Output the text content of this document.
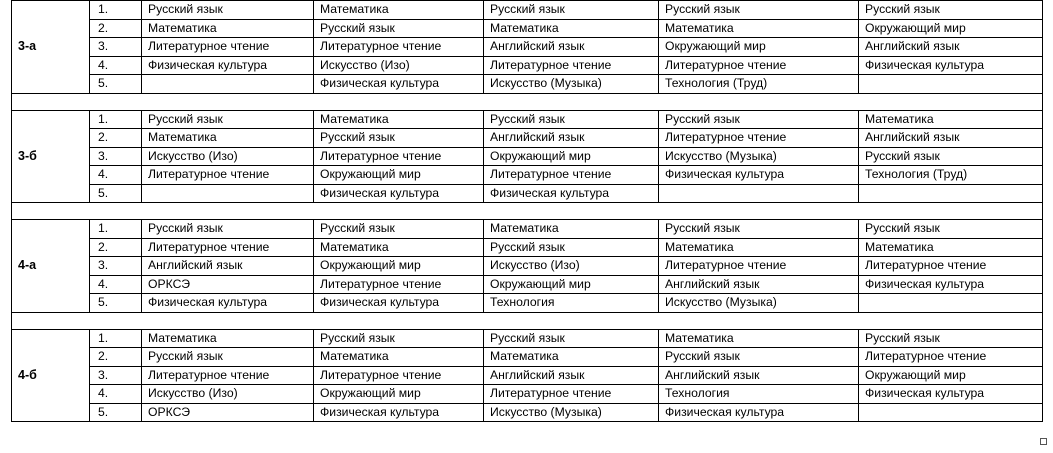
3-а	1.	Русский язык	Математика	Русский язык	Русский язык	Русский язык
	2.	Математика	Русский язык	Математика	Математика	Окружающий мир
	3.	Литературное чтение	Литературное чтение	Английский язык	Окружающий мир	Английский язык
	4.	Физическая культура	Искусство (Изо)	Литературное чтение	Литературное чтение	Физическая культура
	5.		Физическая культура	Искусство (Музыка)	Технология (Труд)	

3-б	1.	Русский язык	Математика	Русский язык	Русский язык	Математика
	2.	Математика	Русский язык	Английский язык	Литературное чтение	Английский язык
	3.	Искусство (Изо)	Литературное чтение	Окружающий мир	Искусство (Музыка)	Русский язык
	4.	Литературное чтение	Окружающий мир	Литературное чтение	Физическая культура	Технология (Труд)
	5.		Физическая культура	Физическая культура		

4-а	1.	Русский язык	Русский язык	Математика	Русский язык	Русский язык
	2.	Литературное чтение	Математика	Русский язык	Математика	Математика
	3.	Английский язык	Окружающий мир	Искусство (Изо)	Литературное чтение	Литературное чтение
	4.	ОРКСЭ	Литературное чтение	Окружающий мир	Английский язык	Физическая культура
	5.	Физическая культура	Физическая культура	Технология	Искусство (Музыка)	

4-б	1.	Математика	Русский язык	Русский язык	Математика	Русский язык
	2.	Русский язык	Математика	Математика	Русский язык	Литературное чтение
	3.	Литературное чтение	Литературное чтение	Английский язык	Английский язык	Окружающий мир
	4.	Искусство (Изо)	Окружающий мир	Литературное чтение	Технология	Физическая культура
	5.	ОРКСЭ	Физическая культура	Искусство (Музыка)	Физическая культура	
